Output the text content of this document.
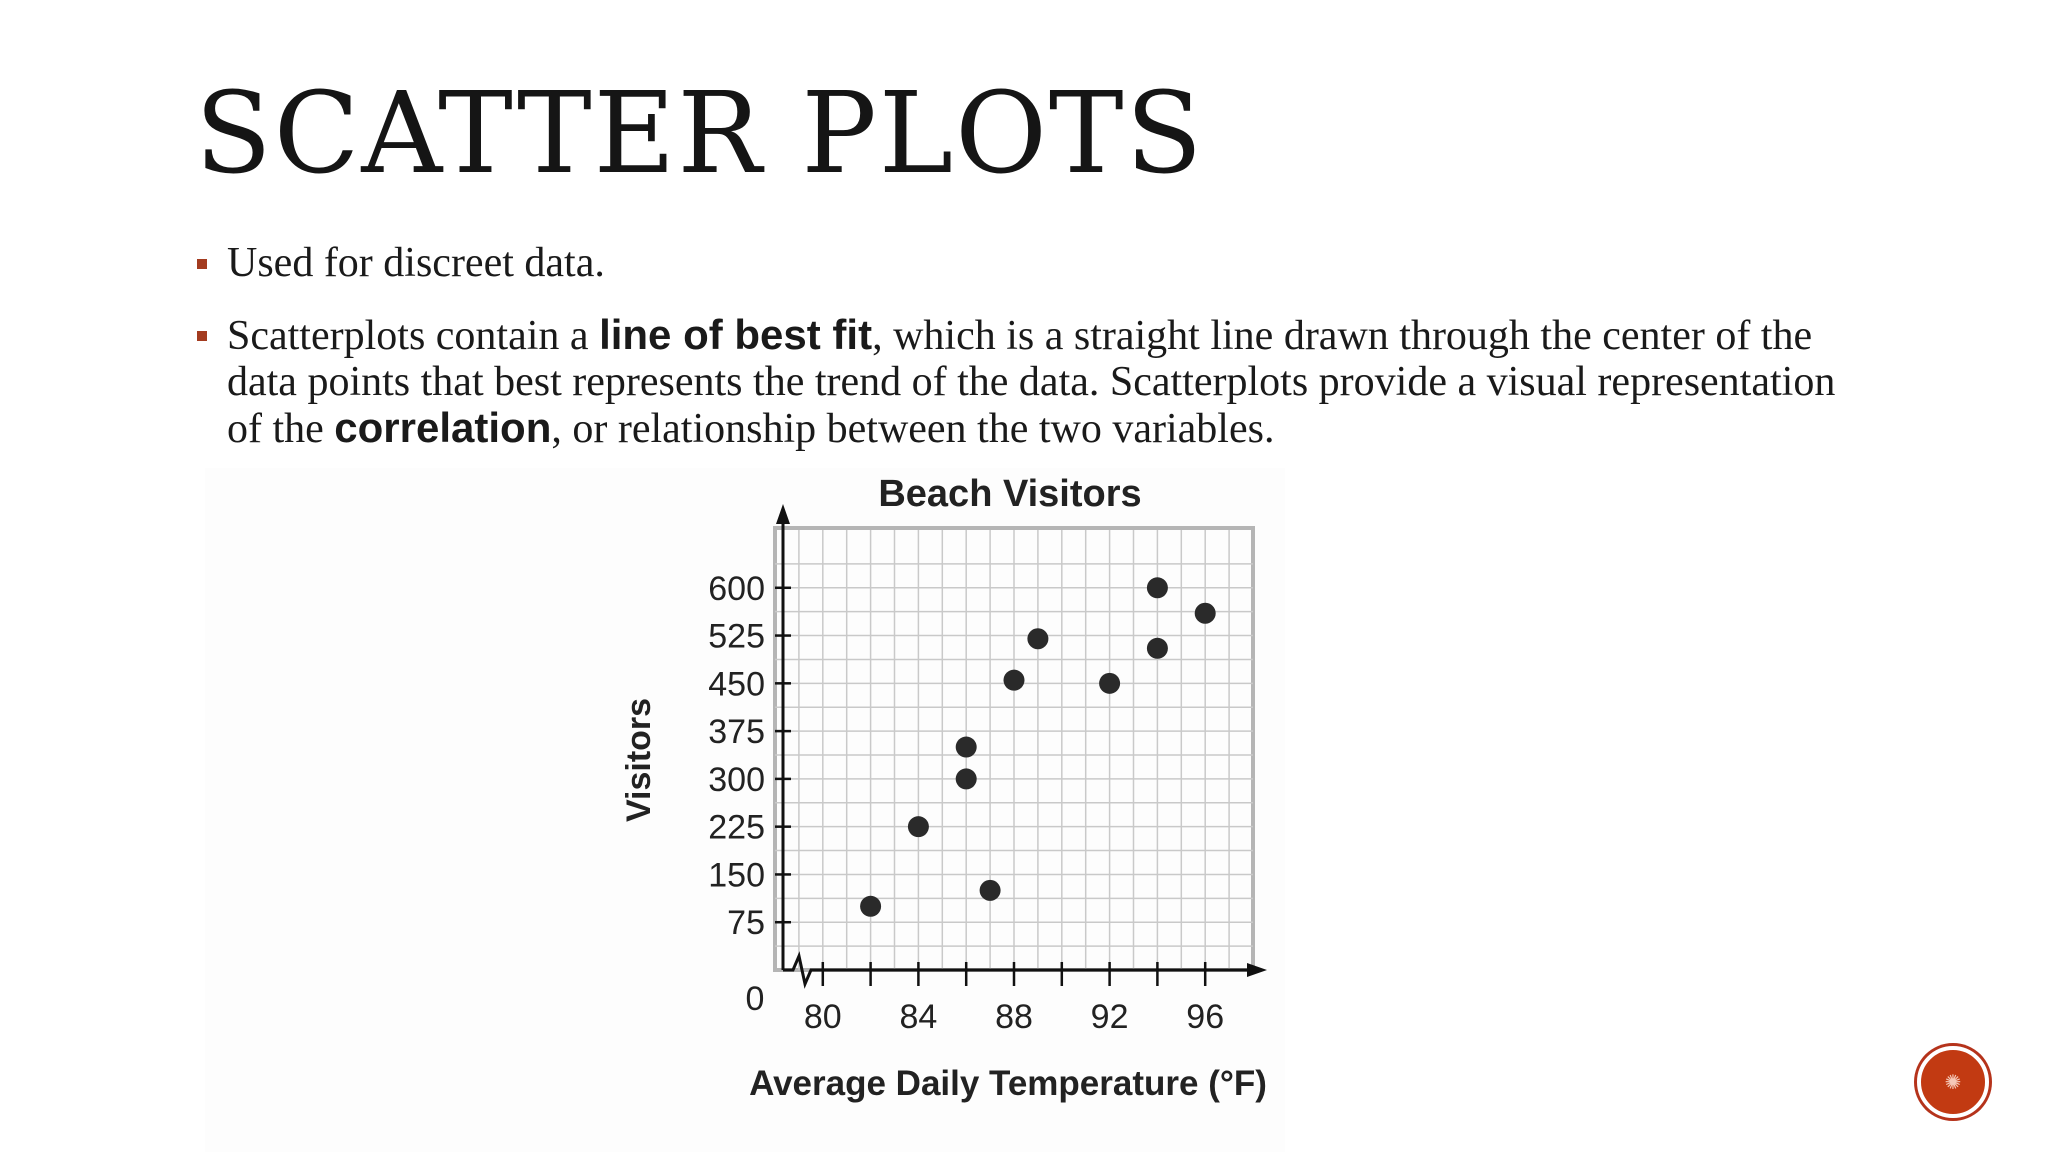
SCATTER PLOTS
Used for discreet data.
Scatterplots contain a line of best fit, which is a straight line drawn through the center of the data points that best represents the trend of the data. Scatterplots provide a visual representation of the correlation, or relationship between the two variables.
Beach Visitors
75
150
225
300
375
450
525
600
80 84 88 92 96
0
Visitors
Average Daily Temperature (°F)	✺
